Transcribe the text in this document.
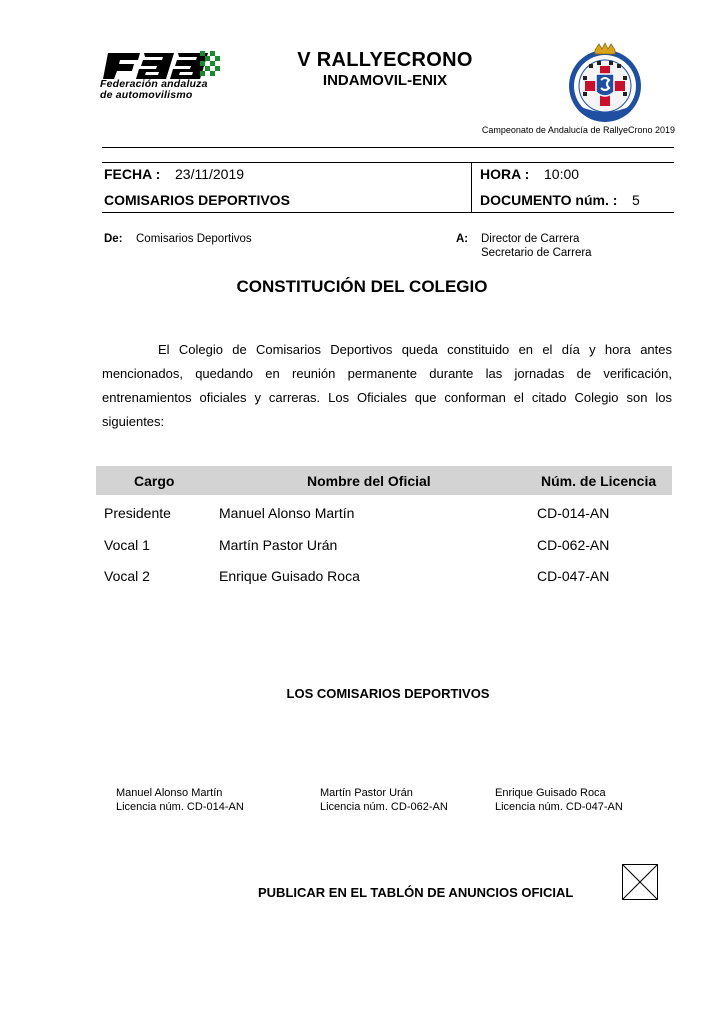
Federación andaluza
de automovilismo
V RALLYECRONO
INDAMOVIL-ENIX
Campeonato de Andalucía de RallyeCrono 2019
FECHA : 23/11/2019	HORA : 10:00
COMISARIOS DEPORTIVOS	DOCUMENTO núm. : 5
De: Comisarios Deportivos	A: Director de Carrera
Secretario de Carrera
CONSTITUCIÓN DEL COLEGIO

El Colegio de Comisarios Deportivos queda constituido en el día y hora antes mencionados, quedando en reunión permanente durante las jornadas de verificación, entrenamientos oficiales y carreras. Los Oficiales que conforman el citado Colegio son los siguientes:

Cargo	Nombre del Oficial	Núm. de Licencia
Presidente	Manuel Alonso Martín	CD-014-AN
Vocal 1	Martín Pastor Urán	CD-062-AN
Vocal 2	Enrique Guisado Roca	CD-047-AN
LOS COMISARIOS DEPORTIVOS
Manuel Alonso Martín
Licencia núm. CD-014-AN
Martín Pastor Urán
Licencia núm. CD-062-AN
Enrique Guisado Roca
Licencia núm. CD-047-AN
PUBLICAR EN EL TABLÓN DE ANUNCIOS OFICIAL
